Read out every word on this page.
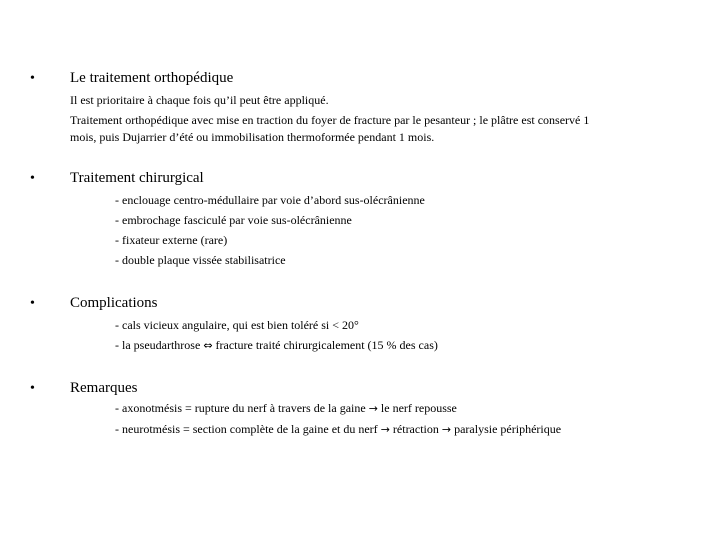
• Le traitement orthopédique
Il est prioritaire à chaque fois qu’il peut être appliqué.
Traitement orthopédique avec mise en traction du foyer de fracture par le pesanteur ; le plâtre est conservé 1
mois, puis Dujarrier d’été ou immobilisation thermoformée pendant 1 mois.
• Traitement chirurgical
- enclouage centro-médullaire par voie d’abord sus-olécrânienne
- embrochage fasciculé par voie sus-olécrânienne
- fixateur externe (rare)
- double plaque vissée stabilisatrice
• Complications
- cals vicieux angulaire, qui est bien toléré si < 20°
- la pseudarthrose ⇔ fracture traité chirurgicalement (15 % des cas)
• Remarques
- axonotmésis = rupture du nerf à travers de la gaine → le nerf repousse
- neurotmésis = section complète de la gaine et du nerf → rétraction → paralysie périphérique
